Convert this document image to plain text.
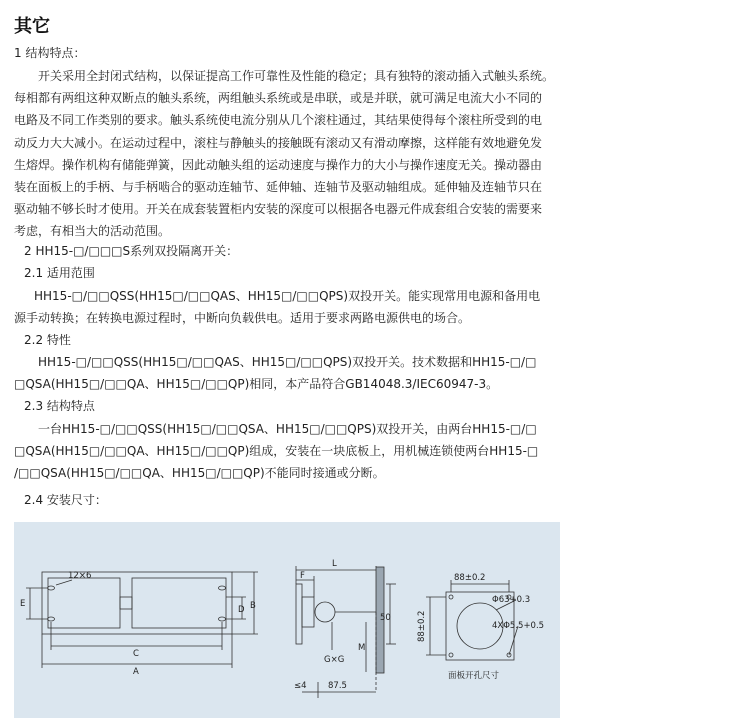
其它
1 结构特点：
开关采用全封闭式结构，以保证提高工作可靠性及性能的稳定；具有独特的滚动插入式触头系统。
每相都有两组这种双断点的触头系统，两组触头系统或是串联，或是并联，就可满足电流大小不同的
电路及不同工作类别的要求。触头系统使电流分别从几个滚柱通过，其结果使得每个滚柱所受到的电
动反力大大减小。在运动过程中，滚柱与静触头的接触既有滚动又有滑动摩擦，这样能有效地避免发
生熔焊。操作机构有储能弹簧，因此动触头组的运动速度与操作力的大小与操作速度无关。操动器由
装在面板上的手柄、与手柄啮合的驱动连轴节、延伸轴、连轴节及驱动轴组成。延伸轴及连轴节只在
驱动轴不够长时才使用。开关在成套装置柜内安装的深度可以根据各电器元件成套组合安装的需要来
考虑，有相当大的活动范围。
2 HH15-□/□□□S系列双投隔离开关：
2.1 适用范围
HH15-□/□□QSS(HH15□/□□QAS、HH15□/□□QPS)双投开关。能实现常用电源和备用电
源手动转换；在转换电源过程时，中断向负载供电。适用于要求两路电源供电的场合。
2.2 特性
HH15-□/□□QSS(HH15□/□□QAS、HH15□/□□QPS)双投开关。技术数据和HH15-□/□
□QSA(HH15□/□□QA、HH15□/□□QP)相同，本产品符合GB14048.3/IEC60947-3。
2.3 结构特点
一台HH15-□/□□QSS(HH15□/□□QSA、HH15□/□□QPS)双投开关，由两台HH15-□/□
□QSA(HH15□/□□QA、HH15□/□□QP)组成，安装在一块底板上，用机械连锁使两台HH15-□
/□□QSA(HH15□/□□QA、HH15□/□□QP)不能同时接通或分断。
2.4 安装尺寸：
12×6
A
C
E
D B
L
F
50
M
G×G
≤4	87.5
88±0.2
88±0.2
Φ63+0.3
4XΦ5.5+0.5
面板开孔尺寸
